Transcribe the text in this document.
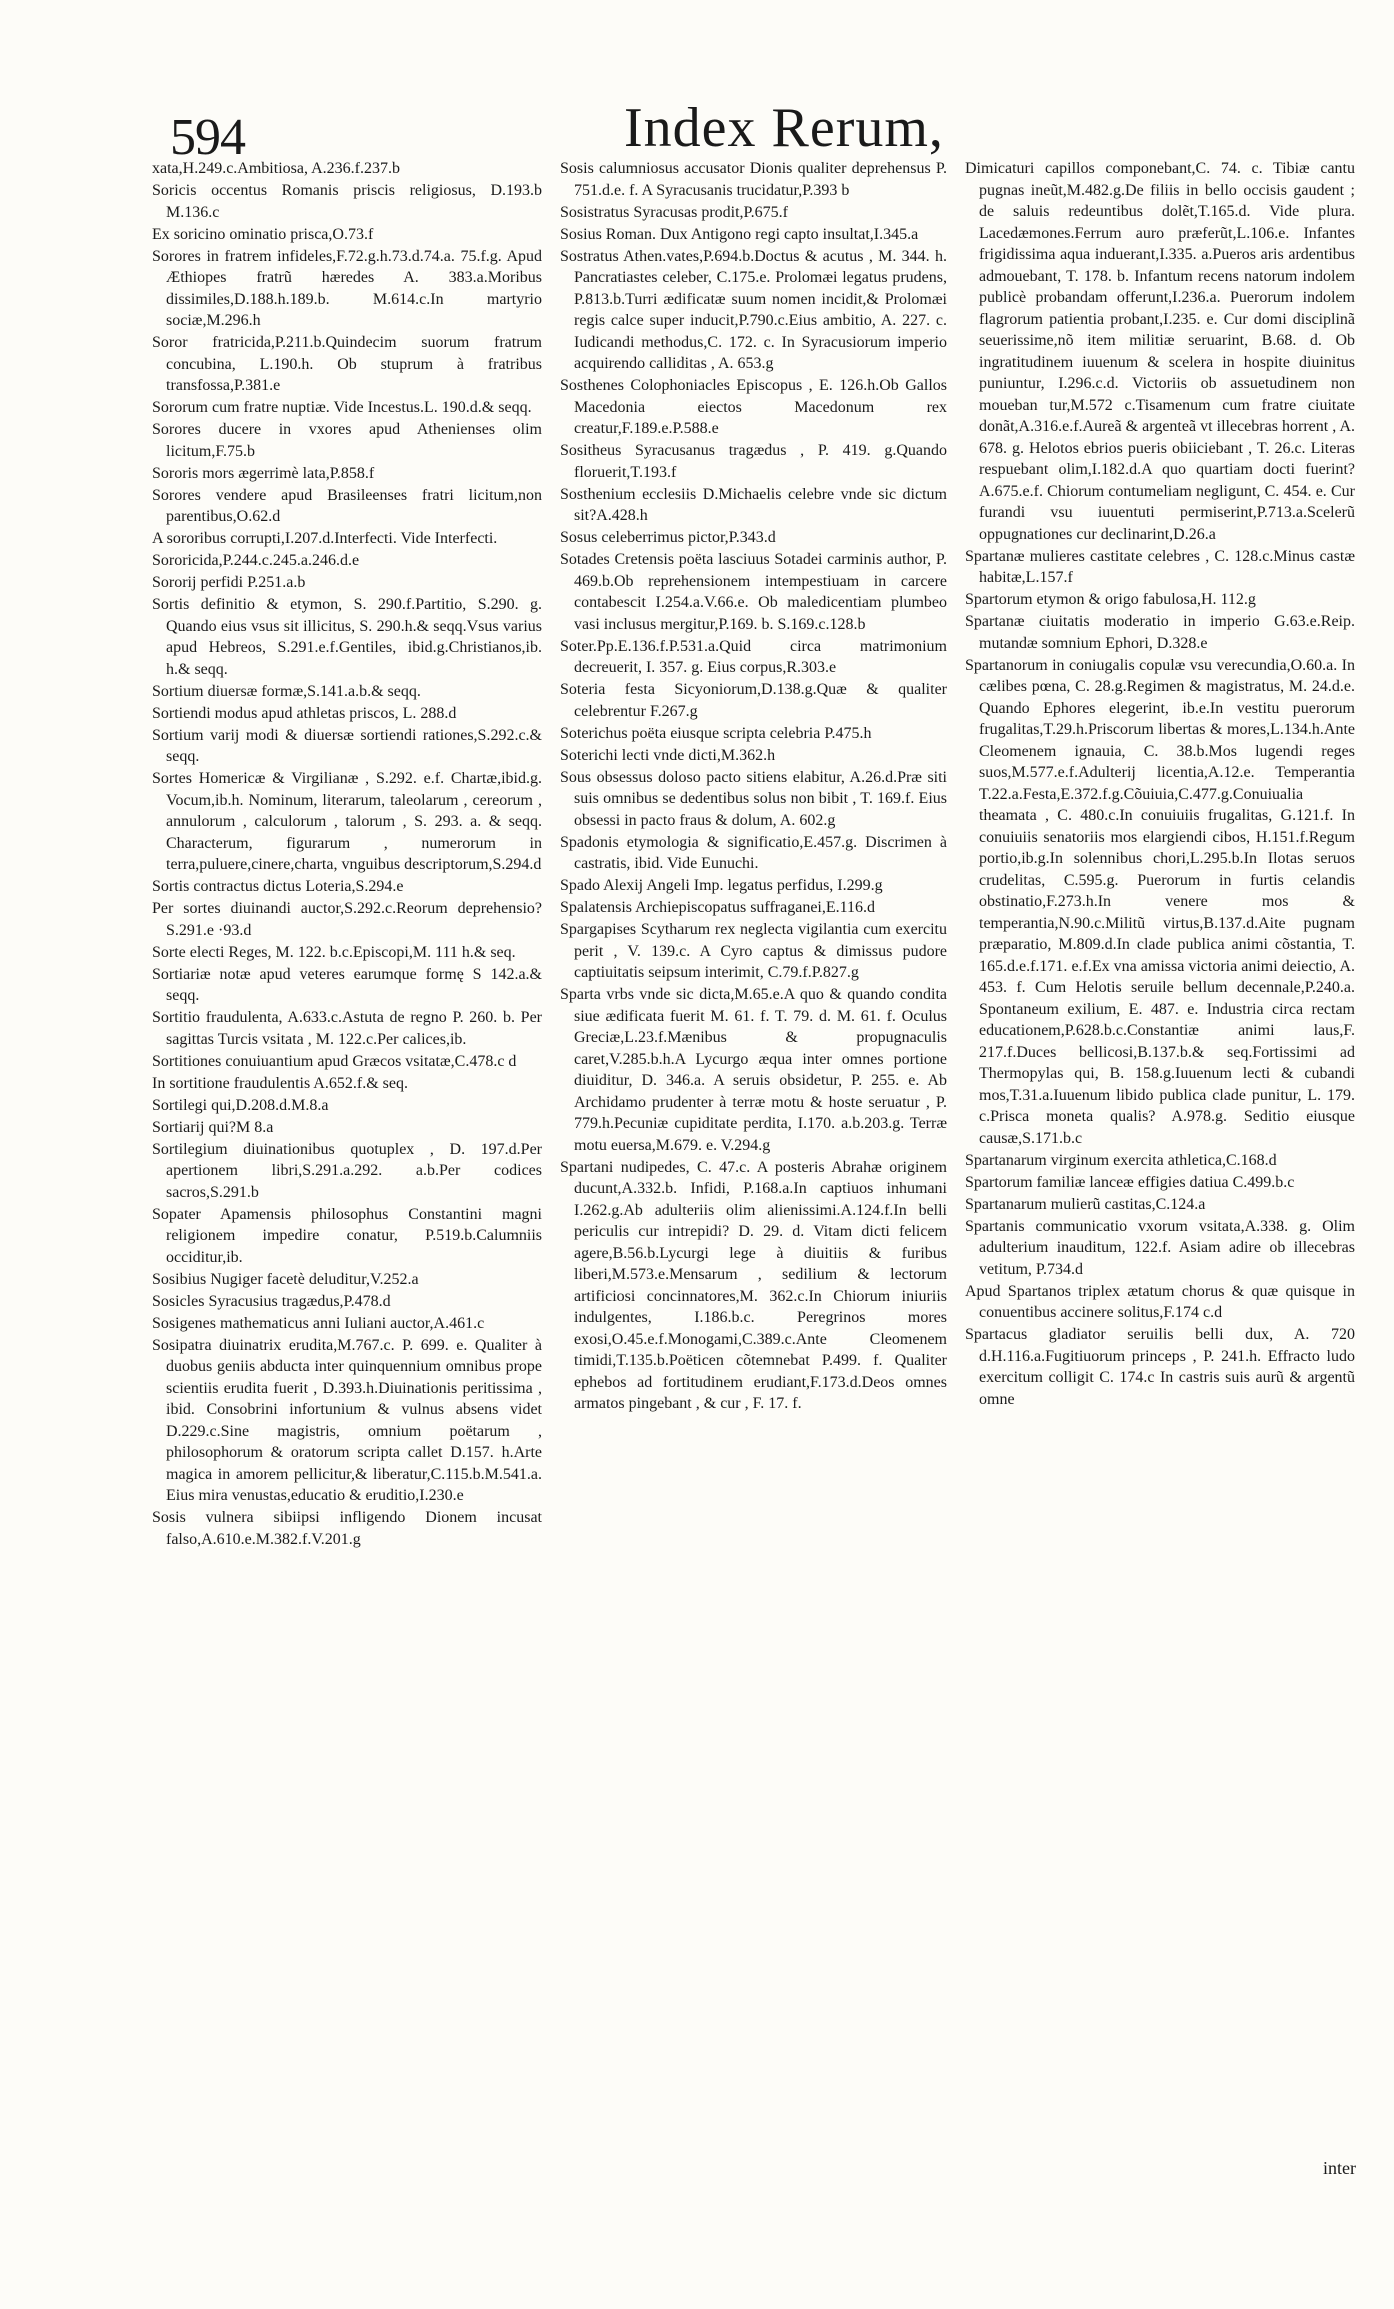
594	Index Rerum,
xata,H.249.c.Ambitiosa, A.236.f.237.b
Soricis occentus Romanis priscis religiosus, D.193.b M.136.c
Ex soricino ominatio prisca,O.73.f
Sorores in fratrem infideles,F.72.g.h.73.d.74.a. 75.f.g. Apud Æthiopes fratrũ hæredes A. 383.a.Moribus dissimiles,D.188.h.189.b. M.614.c.In martyrio sociæ,M.296.h
Soror fratricida,P.211.b.Quindecim suorum fratrum concubina, L.190.h. Ob stuprum à fratribus transfossa,P.381.e
Sororum cum fratre nuptiæ. Vide Incestus.L. 190.d.& seqq.
Sorores ducere in vxores apud Athenienses olim licitum,F.75.b
Sororis mors ægerrimè lata,P.858.f
Sorores vendere apud Brasileenses fratri licitum,non parentibus,O.62.d
A sororibus corrupti,I.207.d.Interfecti. Vide Interfecti.
Sororicida,P.244.c.245.a.246.d.e
Sororij perfidi P.251.a.b
Sortis definitio & etymon, S. 290.f.Partitio, S.290. g. Quando eius vsus sit illicitus, S. 290.h.& seqq.Vsus varius apud Hebreos, S.291.e.f.Gentiles, ibid.g.Christianos,ib. h.& seqq.
Sortium diuersæ formæ,S.141.a.b.& seqq.
Sortiendi modus apud athletas priscos, L. 288.d
Sortium varij modi & diuersæ sortiendi rationes,S.292.c.& seqq.
Sortes Homericæ & Virgilianæ , S.292. e.f. Chartæ,ibid.g. Vocum,ib.h. Nominum, literarum, taleolarum , cereorum , annulorum , calculorum , talorum , S. 293. a. & seqq. Characterum, figurarum , numerorum in terra,puluere,cinere,charta, vnguibus descriptorum,S.294.d
Sortis contractus dictus Loteria,S.294.e
Per sortes diuinandi auctor,S.292.c.Reorum deprehensio?S.291.e ·93.d
Sorte electi Reges, M. 122. b.c.Episcopi,M. 111 h.& seq.
Sortiariæ notæ apud veteres earumque formę S 142.a.& seqq.
Sortitio fraudulenta, A.633.c.Astuta de regno P. 260. b. Per sagittas Turcis vsitata , M. 122.c.Per calices,ib.
Sortitiones conuiuantium apud Græcos vsitatæ,C.478.c d
In sortitione fraudulentis A.652.f.& seq.
Sortilegi qui,D.208.d.M.8.a
Sortiarij qui?M 8.a
Sortilegium diuinationibus quotuplex , D. 197.d.Per apertionem libri,S.291.a.292. a.b.Per codices sacros,S.291.b
Sopater Apamensis philosophus Constantini magni religionem impedire conatur, P.519.b.Calumniis occiditur,ib.
Sosibius Nugiger facetè deluditur,V.252.a
Sosicles Syracusius tragædus,P.478.d
Sosigenes mathematicus anni Iuliani auctor,A.461.c
Sosipatra diuinatrix erudita,M.767.c. P. 699. e. Qualiter à duobus geniis abducta inter quinquennium omnibus prope scientiis erudita fuerit , D.393.h.Diuinationis peritissima , ibid. Consobrini infortunium & vulnus absens videt D.229.c.Sine magistris, omnium poëtarum , philosophorum & oratorum scripta callet D.157. h.Arte magica in amorem pellicitur,& liberatur,C.115.b.M.541.a. Eius mira venustas,educatio & eruditio,I.230.e
Sosis vulnera sibiipsi infligendo Dionem incusat falso,A.610.e.M.382.f.V.201.g
Sosis calumniosus accusator Dionis qualiter deprehensus P. 751.d.e. f. A Syracusanis trucidatur,P.393 b
Sosistratus Syracusas prodit,P.675.f
Sosius Roman. Dux Antigono regi capto insultat,I.345.a
Sostratus Athen.vates,P.694.b.Doctus & acutus , M. 344. h. Pancratiastes celeber, C.175.e. Prolomæi legatus prudens, P.813.b.Turri ædificatæ suum nomen incidit,& Prolomæi regis calce super inducit,P.790.c.Eius ambitio, A. 227. c. Iudicandi methodus,C. 172. c. In Syracusiorum imperio acquirendo calliditas , A. 653.g
Sosthenes Colophoniacles Episcopus , E. 126.h.Ob Gallos Macedonia eiectos Macedonum rex creatur,F.189.e.P.588.e
Sositheus Syracusanus tragædus , P. 419. g.Quando floruerit,T.193.f
Sosthenium ecclesiis D.Michaelis celebre vnde sic dictum sit?A.428.h
Sosus celeberrimus pictor,P.343.d
Sotades Cretensis poëta lasciuus Sotadei carminis author, P. 469.b.Ob reprehensionem intempestiuam in carcere contabescit I.254.a.V.66.e. Ob maledicentiam plumbeo vasi inclusus mergitur,P.169. b. S.169.c.128.b
Soter.Pp.E.136.f.P.531.a.Quid circa matrimonium decreuerit, I. 357. g. Eius corpus,R.303.e
Soteria festa Sicyoniorum,D.138.g.Quæ & qualiter celebrentur F.267.g
Soterichus poëta eiusque scripta celebria P.475.h
Soterichi lecti vnde dicti,M.362.h
Sous obsessus doloso pacto sitiens elabitur, A.26.d.Præ siti suis omnibus se dedentibus solus non bibit , T. 169.f. Eius obsessi in pacto fraus & dolum, A. 602.g
Spadonis etymologia & significatio,E.457.g. Discrimen à castratis, ibid. Vide Eunuchi.
Spado Alexij Angeli Imp. legatus perfidus, I.299.g
Spalatensis Archiepiscopatus suffraganei,E.116.d
Spargapises Scytharum rex neglecta vigilantia cum exercitu perit , V. 139.c. A Cyro captus & dimissus pudore captiuitatis seipsum interimit, C.79.f.P.827.g
Sparta vrbs vnde sic dicta,M.65.e.A quo & quando condita siue ædificata fuerit M. 61. f. T. 79. d. M. 61. f. Oculus Greciæ,L.23.f.Mænibus & propugnaculis caret,V.285.b.h.A Lycurgo æqua inter omnes portione diuiditur, D. 346.a. A seruis obsidetur, P. 255. e. Ab Archidamo prudenter à terræ motu & hoste seruatur , P. 779.h.Pecuniæ cupiditate perdita, I.170. a.b.203.g. Terræ motu euersa,M.679. e. V.294.g
Spartani nudipedes, C. 47.c. A posteris Abrahæ originem ducunt,A.332.b. Infidi, P.168.a.In captiuos inhumani I.262.g.Ab adulteriis olim alienissimi.A.124.f.In belli periculis cur intrepidi? D. 29. d. Vitam dicti felicem agere,B.56.b.Lycurgi lege à diuitiis & furibus liberi,M.573.e.Mensarum , sedilium & lectorum artificiosi concinnatores,M. 362.c.In Chiorum iniuriis indulgentes, I.186.b.c. Peregrinos mores exosi,O.45.e.f.Monogami,C.389.c.Ante Cleomenem timidi,T.135.b.Poëticen cõtemnebat P.499. f. Qualiter ephebos ad fortitudinem erudiant,F.173.d.Deos omnes armatos pingebant , & cur , F. 17. f.
Dimicaturi capillos componebant,C. 74. c. Tibiæ cantu pugnas ineũt,M.482.g.De filiis in bello occisis gaudent ; de saluis redeuntibus dolẽt,T.165.d. Vide plura. Lacedæmones.Ferrum auro præferũt,L.106.e. Infantes frigidissima aqua induerant,I.335. a.Pueros aris ardentibus admouebant, T. 178. b. Infantum recens natorum indolem publicè probandam offerunt,I.236.a. Puerorum indolem flagrorum patientia probant,I.235. e. Cur domi disciplinã seuerissime,nõ item militiæ seruarint, B.68. d. Ob ingratitudinem iuuenum & scelera in hospite diuinitus puniuntur, I.296.c.d. Victoriis ob assuetudinem non moueban tur,M.572 c.Tisamenum cum fratre ciuitate donãt,A.316.e.f.Aureã & argenteã vt illecebras horrent , A. 678. g. Helotos ebrios pueris obiiciebant , T. 26.c. Literas respuebant olim,I.182.d.A quo quartiam docti fuerint?A.675.e.f. Chiorum contumeliam negligunt, C. 454. e. Cur furandi vsu iuuentuti permiserint,P.713.a.Scelerũ oppugnationes cur declinarint,D.26.a
Spartanæ mulieres castitate celebres , C. 128.c.Minus castæ habitæ,L.157.f
Spartorum etymon & origo fabulosa,H. 112.g
Spartanæ ciuitatis moderatio in imperio G.63.e.Reip. mutandæ somnium Ephori, D.328.e
Spartanorum in coniugalis copulæ vsu verecundia,O.60.a. In cælibes pœna, C. 28.g.Regimen & magistratus, M. 24.d.e. Quando Ephores elegerint, ib.e.In vestitu puerorum frugalitas,T.29.h.Priscorum libertas & mores,L.134.h.Ante Cleomenem ignauia, C. 38.b.Mos lugendi reges suos,M.577.e.f.Adulterij licentia,A.12.e. Temperantia T.22.a.Festa,E.372.f.g.Cõuiuia,C.477.g.Conuiualia theamata , C. 480.c.In conuiuiis frugalitas, G.121.f. In conuiuiis senatoriis mos elargiendi cibos, H.151.f.Regum portio,ib.g.In solennibus chori,L.295.b.In Ilotas seruos crudelitas, C.595.g. Puerorum in furtis celandis obstinatio,F.273.h.In venere mos & temperantia,N.90.c.Militũ virtus,B.137.d.Aite pugnam præparatio, M.809.d.In clade publica animi cõstantia, T. 165.d.e.f.171. e.f.Ex vna amissa victoria animi deiectio, A. 453. f. Cum Helotis seruile bellum decennale,P.240.a. Spontaneum exilium, E. 487. e. Industria circa rectam educationem,P.628.b.c.Constantiæ animi laus,F. 217.f.Duces bellicosi,B.137.b.& seq.Fortissimi ad Thermopylas qui, B. 158.g.Iuuenum lecti & cubandi mos,T.31.a.Iuuenum libido publica clade punitur, L. 179. c.Prisca moneta qualis? A.978.g. Seditio eiusque causæ,S.171.b.c
Spartanarum virginum exercita athletica,C.168.d
Spartorum familiæ lanceæ effigies datiua C.499.b.c
Spartanarum mulierũ castitas,C.124.a
Spartanis communicatio vxorum vsitata,A.338. g. Olim adulterium inauditum, 122.f. Asiam adire ob illecebras vetitum, P.734.d
Apud Spartanos triplex ætatum chorus & quæ quisque in conuentibus accinere solitus,F.174 c.d
Spartacus gladiator seruilis belli dux, A. 720 d.H.116.a.Fugitiuorum princeps , P. 241.h. Effracto ludo exercitum colligit C. 174.c In castris suis aurũ & argentũ omne
inter
